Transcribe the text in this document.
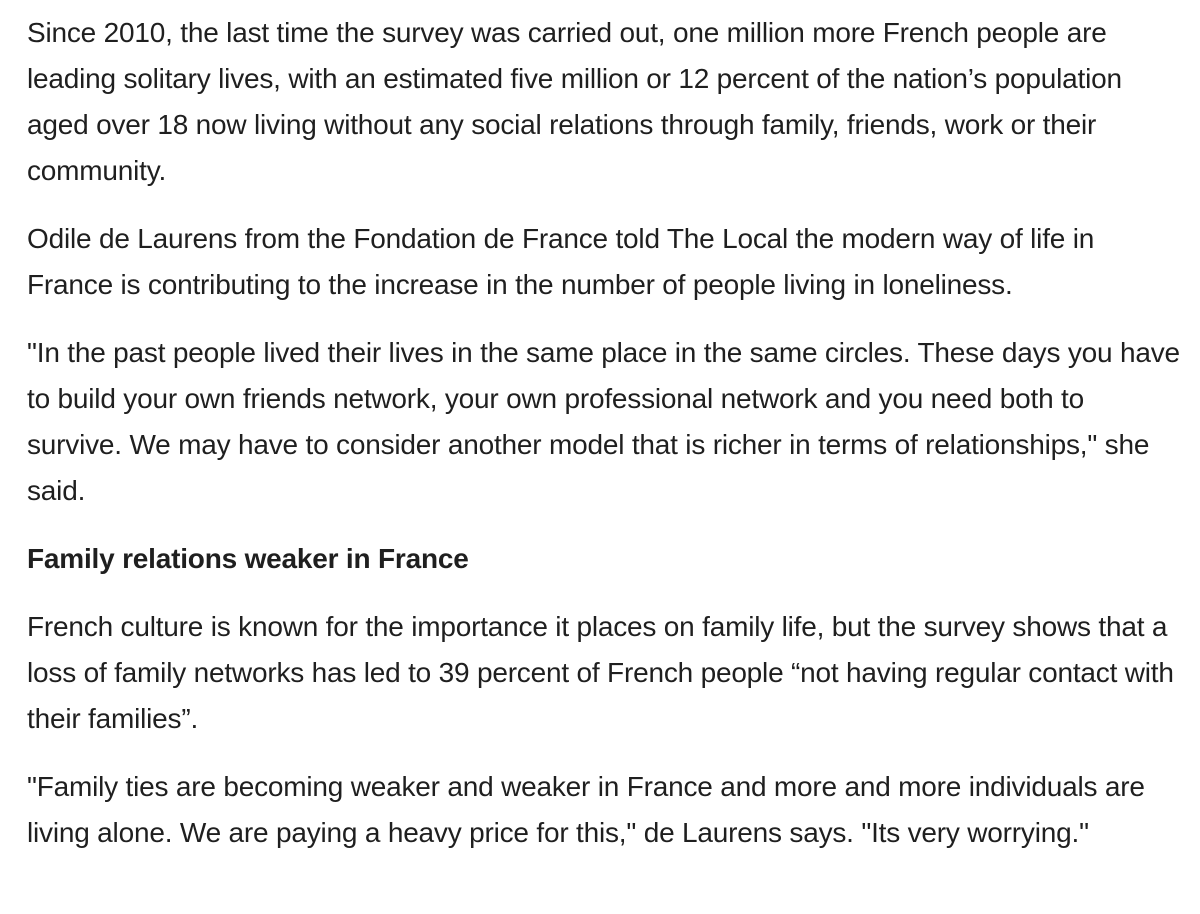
Since 2010, the last time the survey was carried out, one million more French people are leading solitary lives, with an estimated five million or 12 percent of the nation’s population aged over 18 now living without any social relations through family, friends, work or their community.

Odile de Laurens from the Fondation de France told The Local the modern way of life in France is contributing to the increase in the number of people living in loneliness.

"In the past people lived their lives in the same place in the same circles. These days you have to build your own friends network, your own professional network and you need both to survive. We may have to consider another model that is richer in terms of relationships," she said.

Family relations weaker in France

French culture is known for the importance it places on family life, but the survey shows that a loss of family networks has led to 39 percent of French people “not having regular contact with their families”.

"Family ties are becoming weaker and weaker in France and more and more individuals are living alone. We are paying a heavy price for this," de Laurens says. "Its very worrying."
